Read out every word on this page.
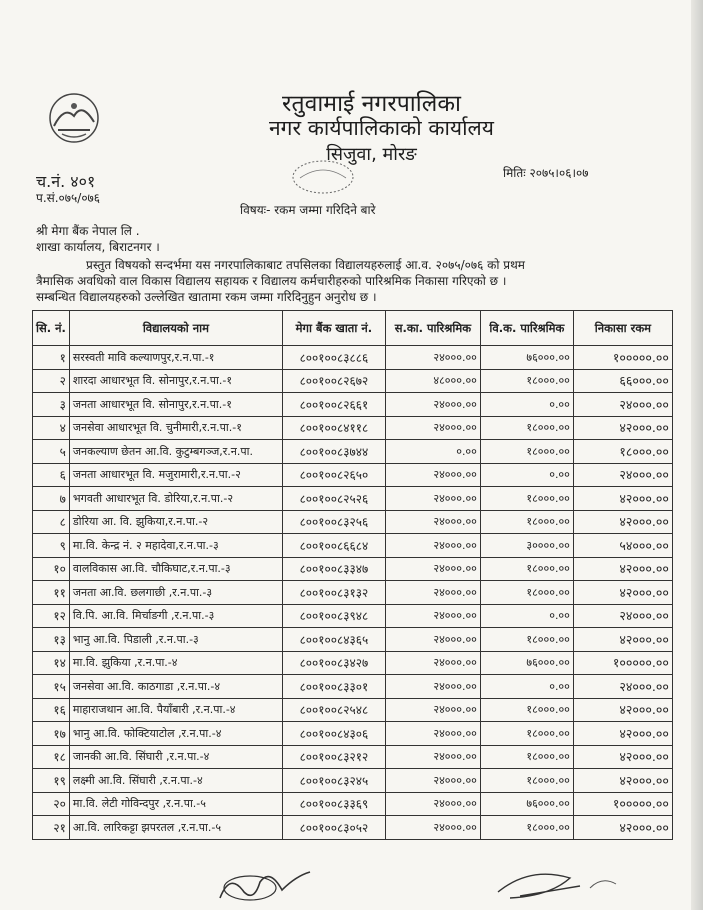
रतुवामाई नगरपालिका
नगर कार्यपालिकाको कार्यालय
सिजुवा, मोरङ
मितिः २०७५।०६।०७
च.नं. ४०१
प.सं.०७५/०७६
विषयः- रकम जम्मा गरिदिने बारे
श्री मेगा बैंक नेपाल लि .
शाखा कार्यालय, बिराटनगर ।
प्रस्तुत विषयको सन्दर्भमा यस नगरपालिकाबाट तपसिलका विद्यालयहरुलाई आ.व. २०७५/०७६ को प्रथम
त्रैमासिक अवधिको वाल विकास विद्यालय सहायक र विद्यालय कर्मचारीहरुको पारिश्रमिक निकासा गरिएको छ ।
सम्बन्धित विद्यालयहरुको उल्लेखित खातामा रकम जम्मा गरिदिनुहुन अनुरोध छ ।
सि. नं.	विद्यालयको नाम	मेगा बैंक खाता नं.	स.का. पारिश्रमिक	वि.क. पारिश्रमिक	निकासा रकम
१	सरस्वती मावि कल्याणपुर,र.न.पा.-१	८००१००८३८८६	२४०००.००	७६०००.००	१०००००.००
२	शारदा आधारभूत वि. सोनापुर,र.न.पा.-१	८००१००८२६७२	४८०००.००	१८०००.००	६६०००.००
३	जनता आधारभूत वि. सोनापुर,र.न.पा.-१	८००१००८२६६१	२४०००.००	०.००	२४०००.००
४	जनसेवा आधारभूत वि. चुनीमारी,र.न.पा.-१	८००१००८४११८	२४०००.००	१८०००.००	४२०००.००
५	जनकल्याण छेतन आ.वि. कुटुम्बगञ्ज,र.न.पा.	८००१००८३७४४	०.००	१८०००.००	१८०००.००
६	जनता आधारभूत वि. मजुरामारी,र.न.पा.-२	८००१००८२६५०	२४०००.००	०.००	२४०००.००
७	भगवती आधारभूत वि. डोरिया,र.न.पा.-२	८००१००८२५२६	२४०००.००	१८०००.००	४२०००.००
८	डोरिया आ. वि. झुकिया,र.न.पा.-२	८००१००८३२५६	२४०००.००	१८०००.००	४२०००.००
९	मा.वि. केन्द्र नं. २ महादेवा,र.न.पा.-३	८००१००८६६८४	२४०००.००	३००००.००	५४०००.००
१०	वालविकास आ.वि. चौकिघाट,र.न.पा.-३	८००१००८३३४७	२४०००.००	१८०००.००	४२०००.००
११	जनता आ.वि. छलगाछी ,र.न.पा.-३	८००१००८३१३२	२४०००.००	१८०००.००	४२०००.००
१२	वि.पि. आ.वि. मिर्चाङगी ,र.न.पा.-३	८००१००८३९४८	२४०००.००	०.००	२४०००.००
१३	भानु आ.वि. पिडाली ,र.न.पा.-३	८००१००८४३६५	२४०००.००	१८०००.००	४२०००.००
१४	मा.वि. झुकिया ,र.न.पा.-४	८००१००८३४२७	२४०००.००	७६०००.००	१०००००.००
१५	जनसेवा आ.वि. काठगाडा ,र.न.पा.-४	८००१००८३३०१	२४०००.००	०.००	२४०००.००
१६	माहाराजथान आ.वि. पैयाँबारी ,र.न.पा.-४	८००१००८२५४८	२४०००.००	१८०००.००	४२०००.००
१७	भानु आ.वि. फोक्टियाटोल ,र.न.पा.-४	८००१००८४३०६	२४०००.००	१८०००.००	४२०००.००
१८	जानकी आ.वि. सिंघारी ,र.न.पा.-४	८००१००८३२१२	२४०००.००	१८०००.००	४२०००.००
१९	लक्ष्मी आ.वि. सिंघारी ,र.न.पा.-४	८००१००८३२४५	२४०००.००	१८०००.००	४२०००.००
२०	मा.वि. लेटी गोविन्दपुर ,र.न.पा.-५	८००१००८३३६९	२४०००.००	७६०००.००	१०००००.००
२१	आ.वि. लारिकट्टा झपरतल ,र.न.पा.-५	८००१००८३०५२	२४०००.००	१८०००.००	४२०००.००
